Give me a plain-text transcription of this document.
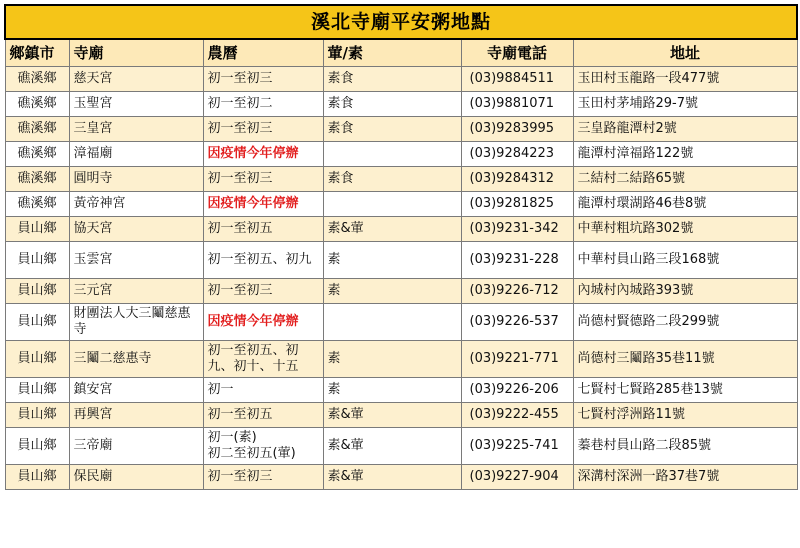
溪北寺廟平安粥地點					
鄉鎮市	寺廟	農曆	葷/素	寺廟電話	地址
礁溪鄉	慈天宮	初一至初三	素食	(03)9884511	玉田村玉龍路一段477號
礁溪鄉	玉聖宮	初一至初二	素食	(03)9881071	玉田村茅埔路29-7號
礁溪鄉	三皇宮	初一至初三	素食	(03)9283995	三皇路龍潭村2號
礁溪鄉	漳福廟	因疫情今年停辦		(03)9284223	龍潭村漳福路122號
礁溪鄉	圓明寺	初一至初三	素食	(03)9284312	二結村二結路65號
礁溪鄉	黃帝神宮	因疫情今年停辦		(03)9281825	龍潭村環湖路46巷8號
員山鄉	協天宮	初一至初五	素&葷	(03)9231-342	中華村粗坑路302號
員山鄉	玉雲宮	初一至初五、初九	素	(03)9231-228	中華村員山路三段168號
員山鄉	三元宮	初一至初三	素	(03)9226-712	內城村內城路393號
員山鄉	財團法人大三鬮慈惠寺	因疫情今年停辦		(03)9226-537	尚德村賢德路二段299號
員山鄉	三鬮二慈惠寺	初一至初五、初九、初十、十五	素	(03)9221-771	尚德村三鬮路35巷11號
員山鄉	鎮安宮	初一	素	(03)9226-206	七賢村七賢路285巷13號
員山鄉	再興宮	初一至初五	素&葷	(03)9222-455	七賢村浮洲路11號
員山鄉	三帝廟	初一(素)
初二至初五(葷)	素&葷	(03)9225-741	蓁巷村員山路二段85號
員山鄉	保民廟	初一至初三	素&葷	(03)9227-904	深溝村深洲一路37巷7號
